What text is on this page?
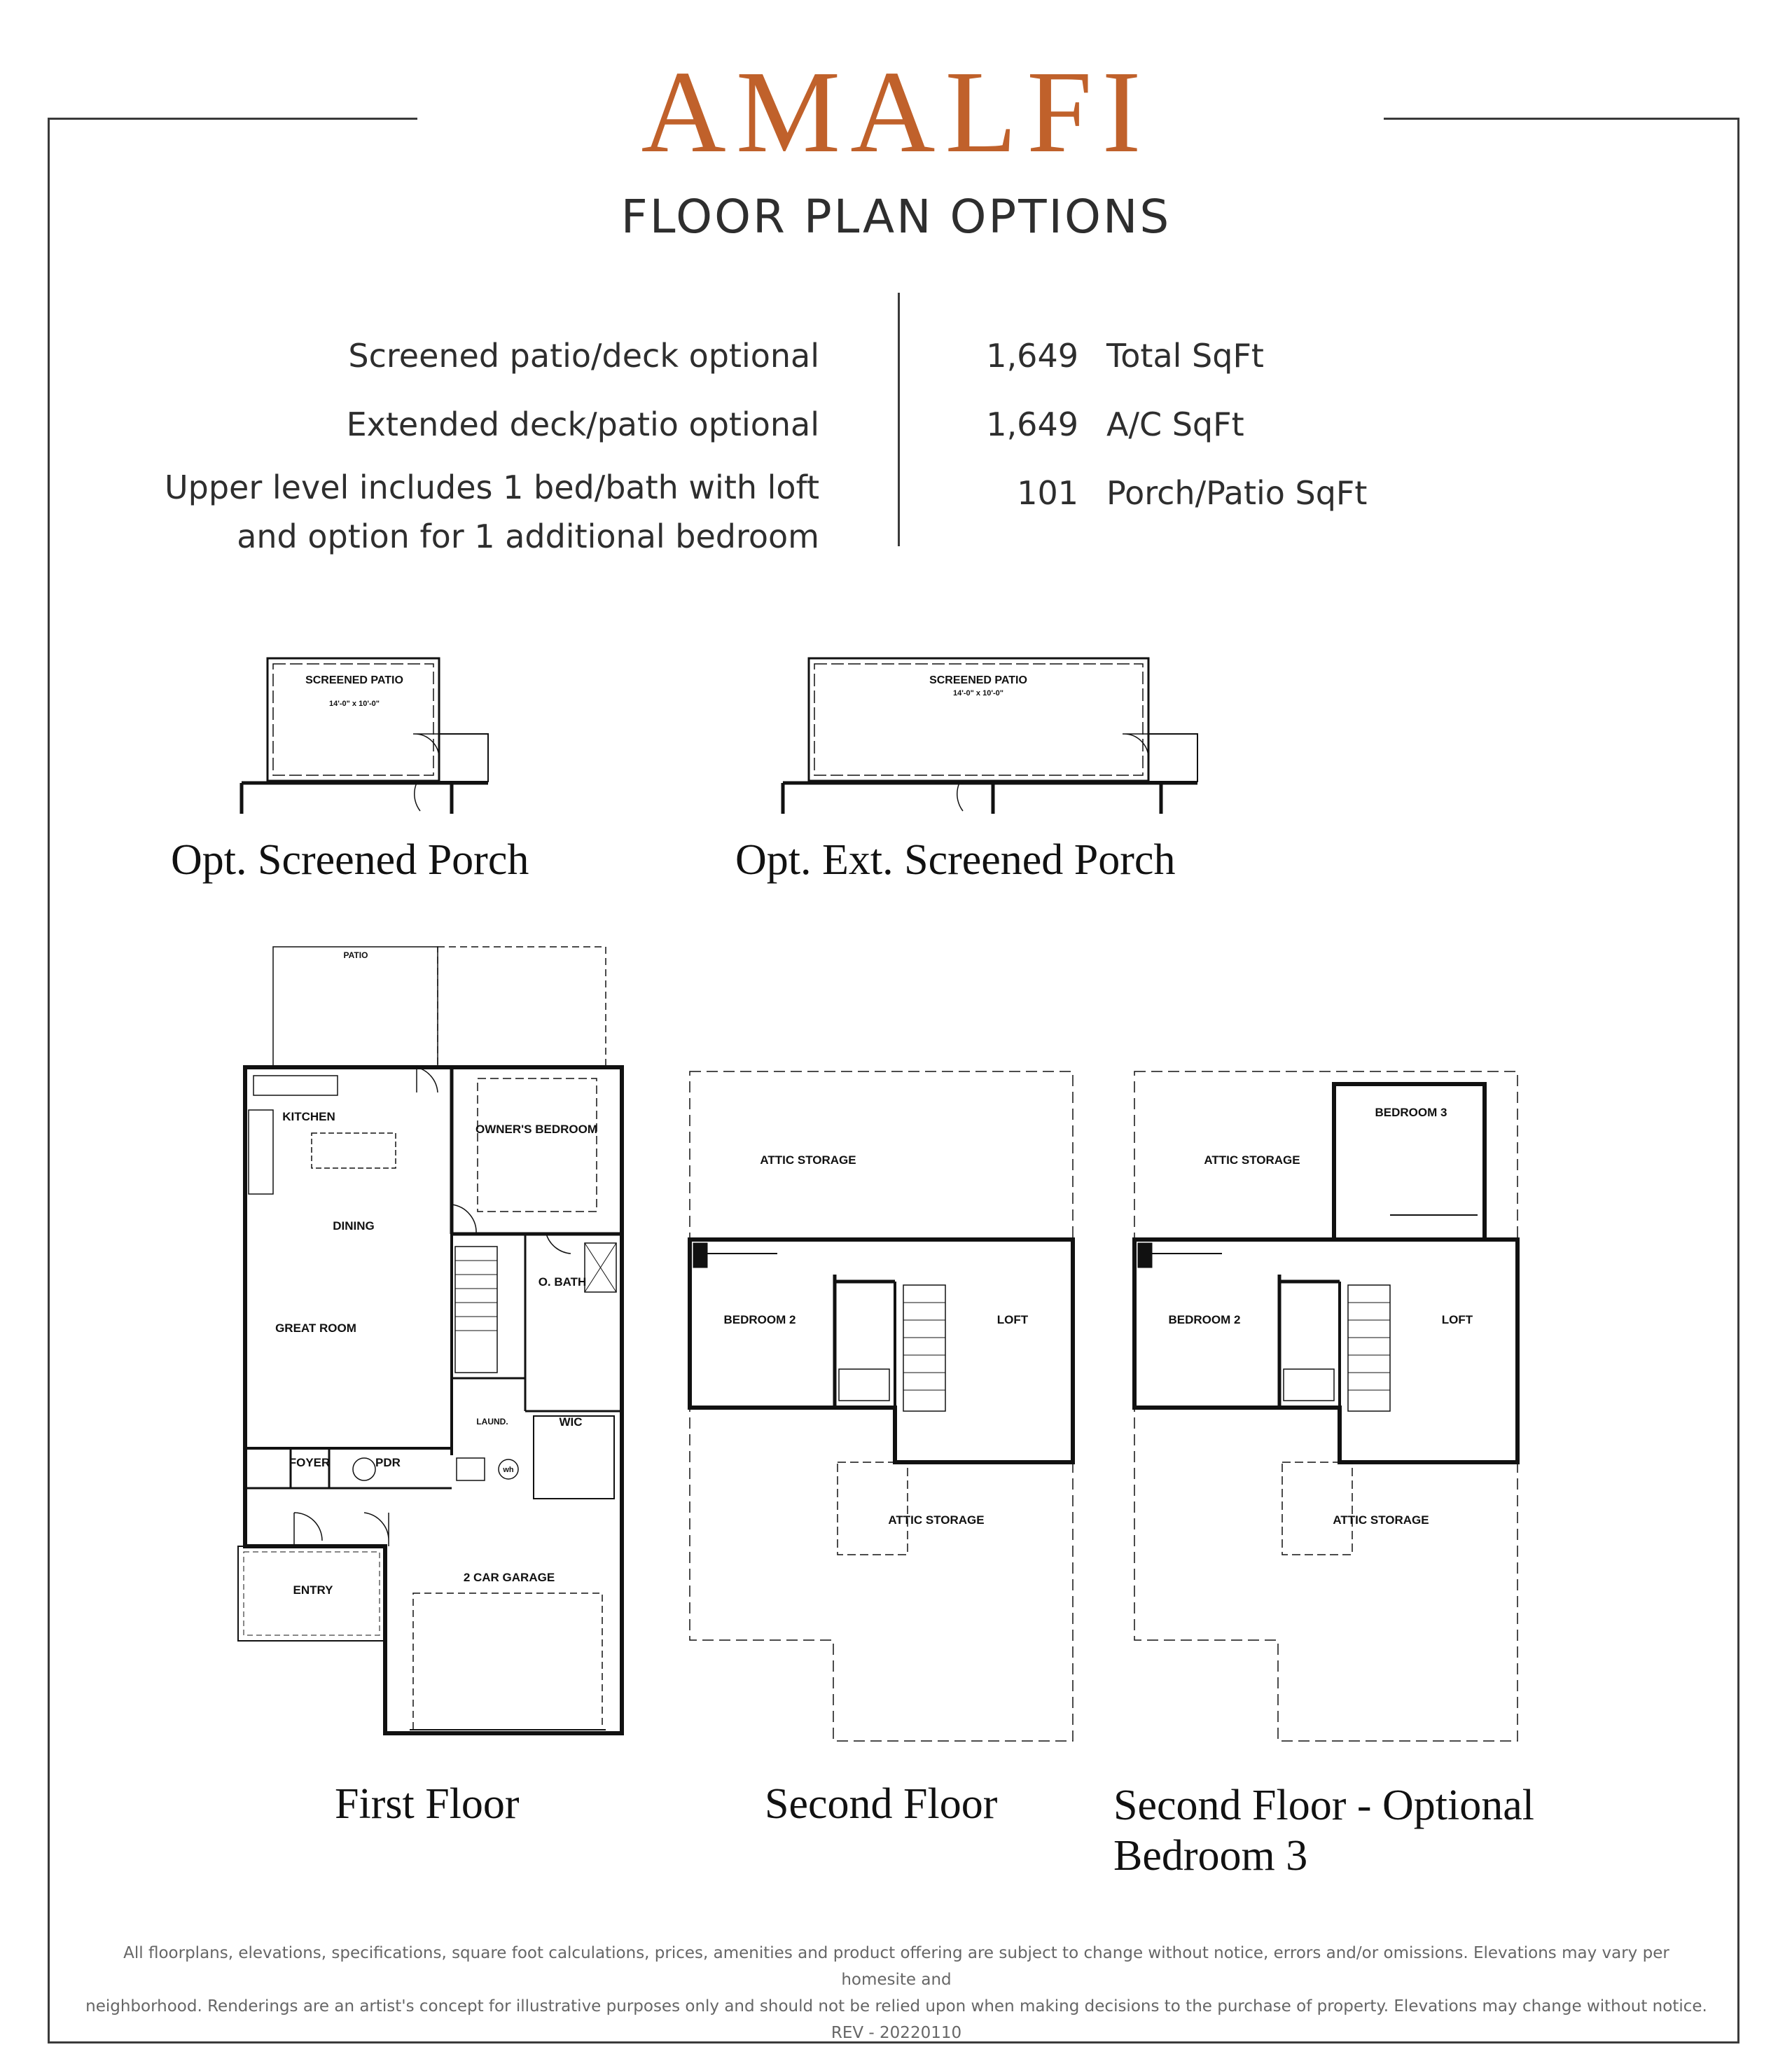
AMALFI
FLOOR PLAN OPTIONS
Screened patio/deck optional
Extended deck/patio optional
Upper level includes 1 bed/bath with loft
and option for 1 additional bedroom
1,649 Total SqFt
1,649 A/C SqFt
101 Porch/Patio SqFt
SCREENED PATIO
14'-0" x 10'-0"
SCREENED PATIO
14'-0" x 10'-0"
PATIO
KITCHEN
OWNER'S BEDROOM
DINING
GREAT ROOM
O. BATH
LAUND.	WIC
FOYER	PDR
wh
ENTRY
2 CAR GARAGE
ATTIC STORAGE
BEDROOM 2	LOFT
ATTIC STORAGE
ATTIC STORAGE
BEDROOM 3
BEDROOM 2	LOFT
ATTIC STORAGE
Opt. Screened Porch	Opt. Ext. Screened Porch
First Floor	Second Floor	Second Floor - Optional
Bedroom 3
All floorplans, elevations, specifications, square foot calculations, prices, amenities and product offering are subject to change without notice, errors and/or omissions. Elevations may vary per homesite and
neighborhood. Renderings are an artist's concept for illustrative purposes only and should not be relied upon when making decisions to the purchase of property. Elevations may change without notice. REV - 20220110
